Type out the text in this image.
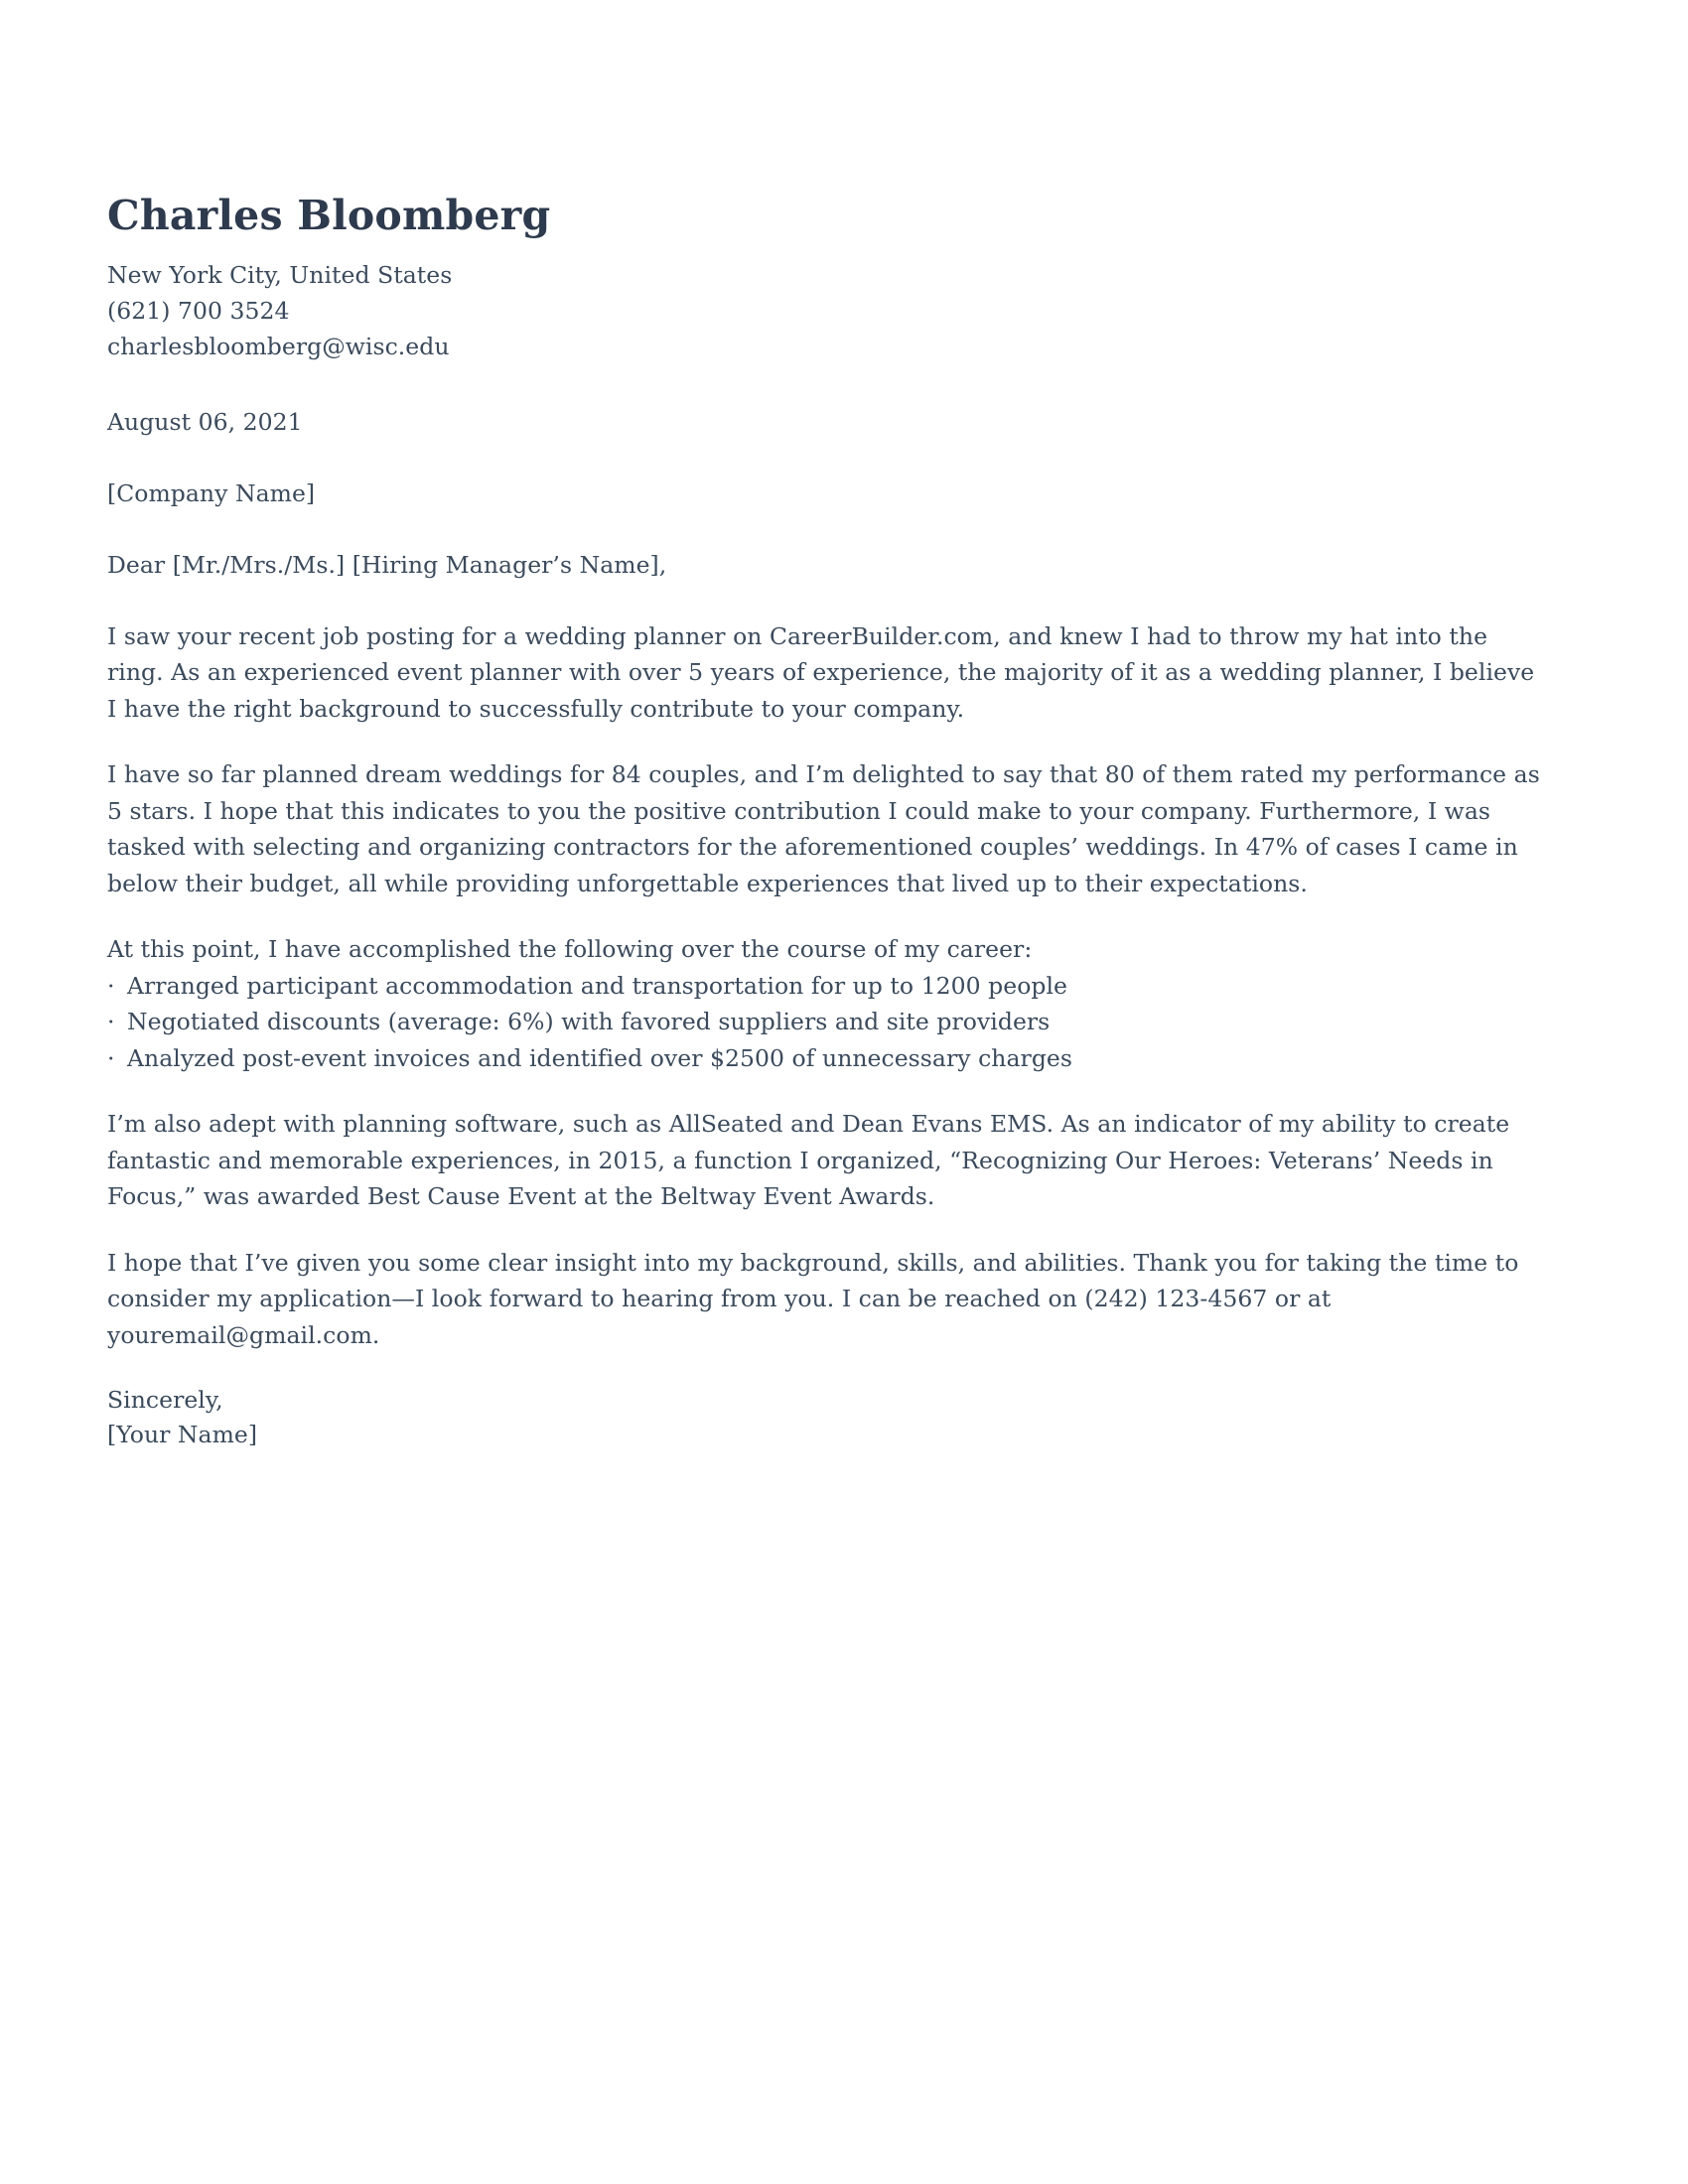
Charles Bloomberg
New York City, United States
(621) 700 3524
charlesbloomberg@wisc.edu
August 06, 2021
[Company Name]
Dear [Mr./Mrs./Ms.] [Hiring Manager’s Name],

I saw your recent job posting for a wedding planner on CareerBuilder.com, and knew I had to throw my hat into the ring. As an experienced event planner with over 5 years of experience, the majority of it as a wedding planner, I believe I have the right background to successfully contribute to your company.

I have so far planned dream weddings for 84 couples, and I’m delighted to say that 80 of them rated my performance as 5 stars. I hope that this indicates to you the positive contribution I could make to your company. Furthermore, I was tasked with selecting and organizing contractors for the aforementioned couples’ weddings. In 47% of cases I came in below their budget, all while providing unforgettable experiences that lived up to their expectations.

At this point, I have accomplished the following over the course of my career:

· Arranged participant accommodation and transportation for up to 1200 people
· Negotiated discounts (average: 6%) with favored suppliers and site providers
· Analyzed post-event invoices and identified over $2500 of unnecessary charges

I’m also adept with planning software, such as AllSeated and Dean Evans EMS. As an indicator of my ability to create fantastic and memorable experiences, in 2015, a function I organized, “Recognizing Our Heroes: Veterans’ Needs in Focus,” was awarded Best Cause Event at the Beltway Event Awards.

I hope that I’ve given you some clear insight into my background, skills, and abilities. Thank you for taking the time to consider my application—I look forward to hearing from you. I can be reached on (242) 123-4567 or at youremail@gmail.com.

Sincerely,
[Your Name]
